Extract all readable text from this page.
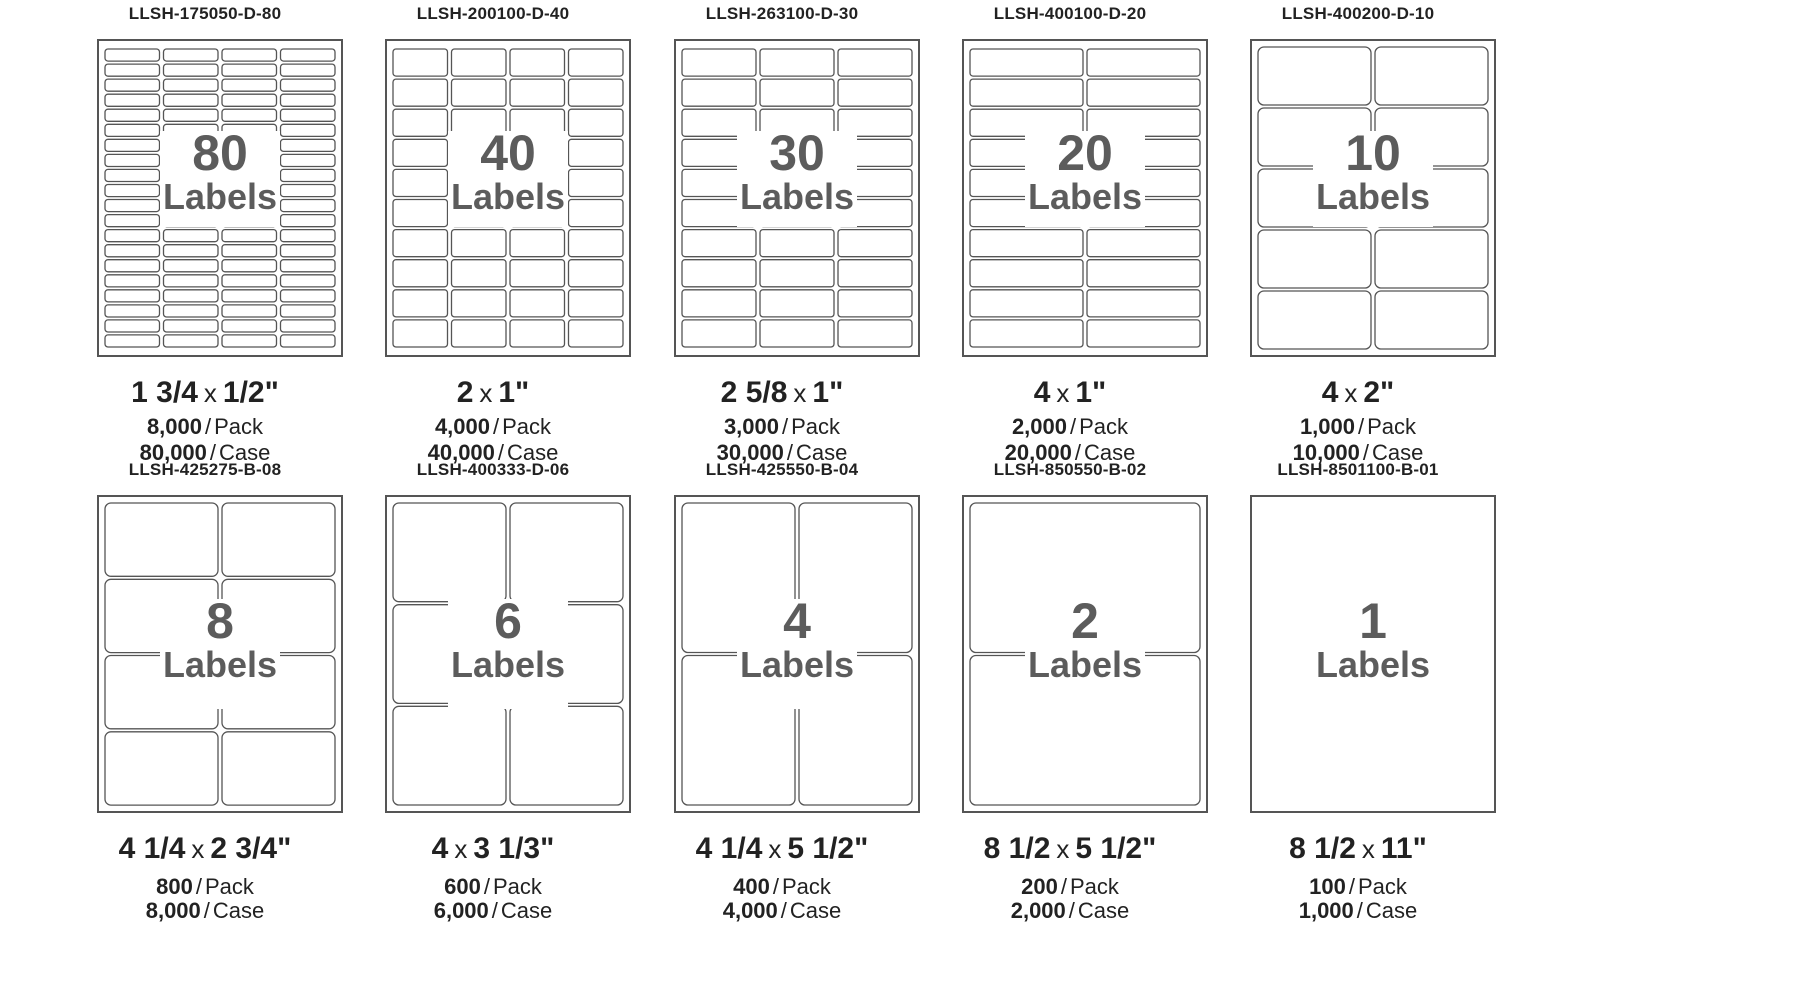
LLSH-175050-D-80
80
Labels
1 3/4 x 1/2"
8,000 / Pack
80,000 / Case
LLSH-200100-D-40
40
Labels
2 x 1"
4,000 / Pack
40,000 / Case
LLSH-263100-D-30
30
Labels
2 5/8 x 1"
3,000 / Pack
30,000 / Case
LLSH-400100-D-20
20
Labels
4 x 1"
2,000 / Pack
20,000 / Case
LLSH-400200-D-10
10
Labels
4 x 2"
1,000 / Pack
10,000 / Case
LLSH-425275-B-08
8
Labels
4 1/4 x 2 3/4"
800 / Pack
8,000 / Case
LLSH-400333-D-06
6
Labels
4 x 3 1/3"
600 / Pack
6,000 / Case
LLSH-425550-B-04
4
Labels
4 1/4 x 5 1/2"
400 / Pack
4,000 / Case
LLSH-850550-B-02
2
Labels
8 1/2 x 5 1/2"
200 / Pack
2,000 / Case
LLSH-8501100-B-01
1
Labels
8 1/2 x 11"
100 / Pack
1,000 / Case
